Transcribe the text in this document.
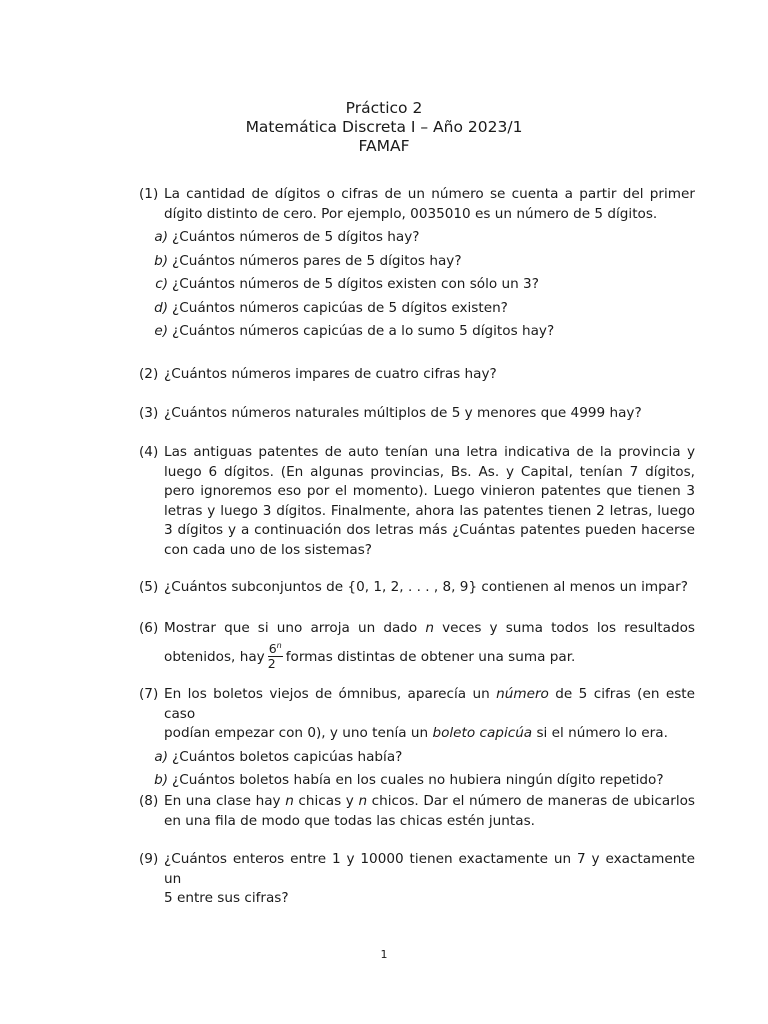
Práctico 2
Matemática Discreta I – Año 2023/1
FAMAF
(1) La cantidad de dígitos o cifras de un número se cuenta a partir del primer
dígito distinto de cero. Por ejemplo, 0035010 es un número de 5 dígitos.
a) ¿Cuántos números de 5 dígitos hay?
b) ¿Cuántos números pares de 5 dígitos hay?
c) ¿Cuántos números de 5 dígitos existen con sólo un 3?
d) ¿Cuántos números capicúas de 5 dígitos existen?
e) ¿Cuántos números capicúas de a lo sumo 5 dígitos hay?
(2) ¿Cuántos números impares de cuatro cifras hay?
(3) ¿Cuántos números naturales múltiplos de 5 y menores que 4999 hay?
(4) Las antiguas patentes de auto tenían una letra indicativa de la provincia y
luego 6 dígitos. (En algunas provincias, Bs. As. y Capital, tenían 7 dígitos,
pero ignoremos eso por el momento). Luego vinieron patentes que tienen 3
letras y luego 3 dígitos. Finalmente, ahora las patentes tienen 2 letras, luego
3 dígitos y a continuación dos letras más ¿Cuántas patentes pueden hacerse
con cada uno de los sistemas?
(5) ¿Cuántos subconjuntos de {0, 1, 2, . . . , 8, 9} contienen al menos un impar?
(6) Mostrar que si uno arroja un dado n veces y suma todos los resultados
obtenidos, hay $\frac{6^n}{2}$ formas distintas de obtener una suma par.
(7) En los boletos viejos de ómnibus, aparecía un número de 5 cifras (en este caso
podían empezar con 0), y uno tenía un boleto capicúa si el número lo era.
a) ¿Cuántos boletos capicúas había?
b) ¿Cuántos boletos había en los cuales no hubiera ningún dígito repetido?
(8) En una clase hay n chicas y n chicos. Dar el número de maneras de ubicarlos
en una fila de modo que todas las chicas estén juntas.
(9) ¿Cuántos enteros entre 1 y 10000 tienen exactamente un 7 y exactamente un
5 entre sus cifras?
1
